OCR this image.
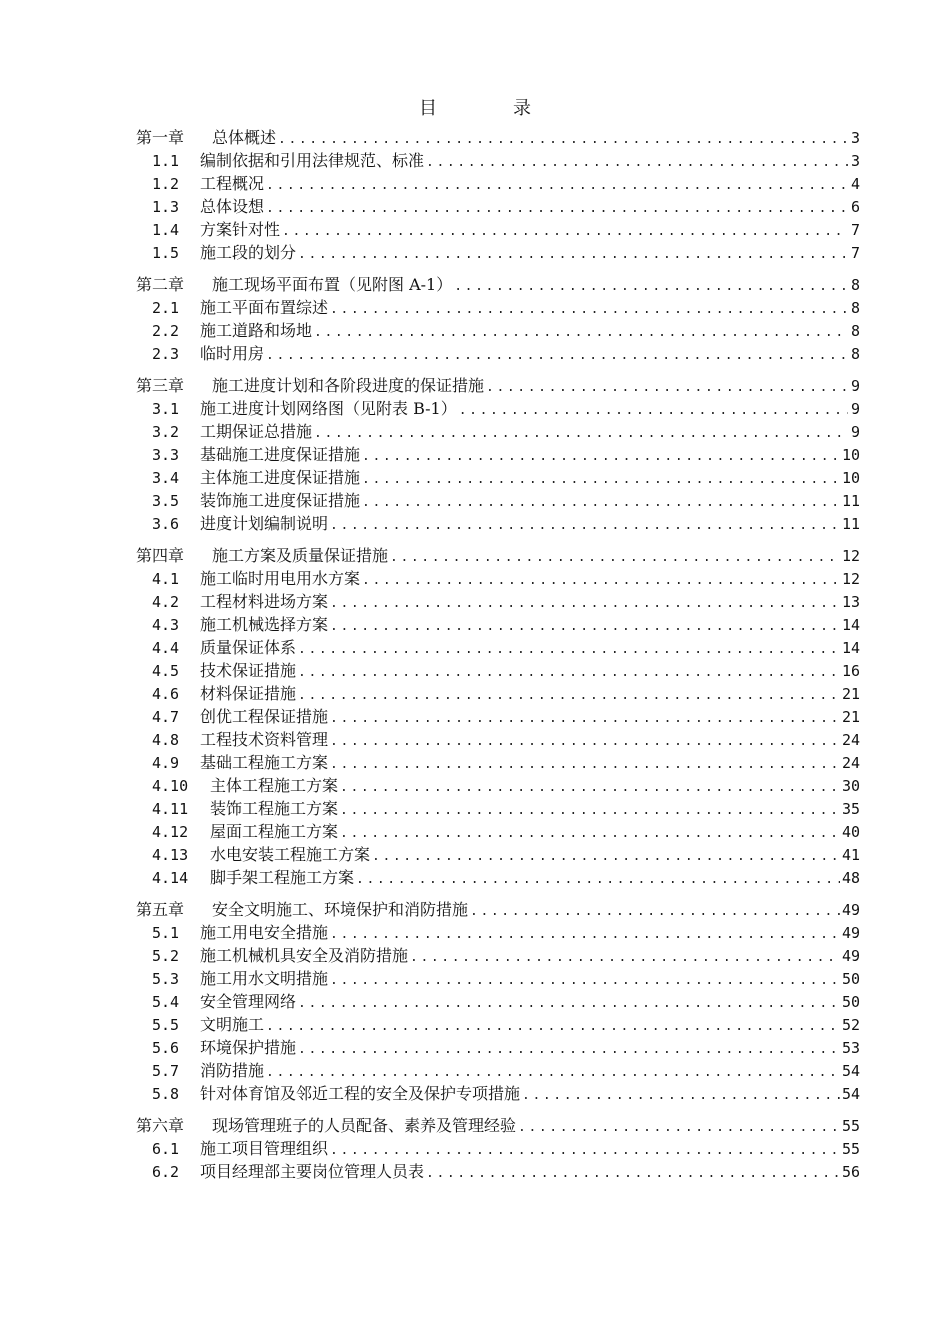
目	录
第一章	总体概述 .....	3
1.1	编制依据和引用法律规范、标准 .....	3
1.2	工程概况 .....	4
1.3	总体设想 .....	6
1.4	方案针对性 .....	7
1.5	施工段的划分 .....	7
第二章	施工现场平面布置（见附图 A-1） .....	8
2.1	施工平面布置综述 .....	8
2.2	施工道路和场地 .....	8
2.3	临时用房 .....	8
第三章	施工进度计划和各阶段进度的保证措施 .....	9
3.1	施工进度计划网络图（见附表 B-1） .....	9
3.2	工期保证总措施 .....	9
3.3	基础施工进度保证措施 .....	10
3.4	主体施工进度保证措施 .....	10
3.5	装饰施工进度保证措施 .....	11
3.6	进度计划编制说明 .....	11
第四章	施工方案及质量保证措施 .....	12
4.1	施工临时用电用水方案 .....	12
4.2	工程材料进场方案 .....	13
4.3	施工机械选择方案 .....	14
4.4	质量保证体系 .....	14
4.5	技术保证措施 .....	16
4.6	材料保证措施 .....	21
4.7	创优工程保证措施 .....	21
4.8	工程技术资料管理 .....	24
4.9	基础工程施工方案 .....	24
4.10	主体工程施工方案 .....	30
4.11	装饰工程施工方案 .....	35
4.12	屋面工程施工方案 .....	40
4.13	水电安装工程施工方案 .....	41
4.14	脚手架工程施工方案 .....	48
第五章	安全文明施工、环境保护和消防措施 .....	49
5.1	施工用电安全措施 .....	49
5.2	施工机械机具安全及消防措施 .....	49
5.3	施工用水文明措施 .....	50
5.4	安全管理网络 .....	50
5.5	文明施工 .....	52
5.6	环境保护措施 .....	53
5.7	消防措施 .....	54
5.8	针对体育馆及邻近工程的安全及保护专项措施 .....	54
第六章	现场管理班子的人员配备、素养及管理经验 .....	55
6.1	施工项目管理组织 .....	55
6.2	项目经理部主要岗位管理人员表 .....	56
